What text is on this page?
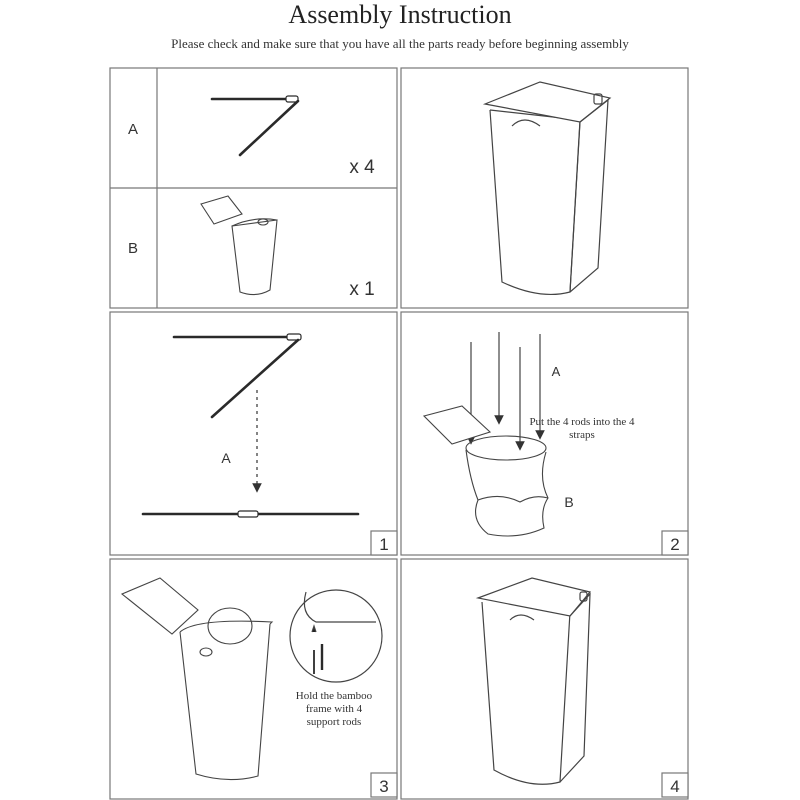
Assembly Instruction
Please check and make sure that you have all the parts ready before beginning assembly
A
x 4
B
x 1
A
1
A
Put the 4 rods into the 4
straps
B
2
Hold the bamboo
frame with 4
support rods
3	4
